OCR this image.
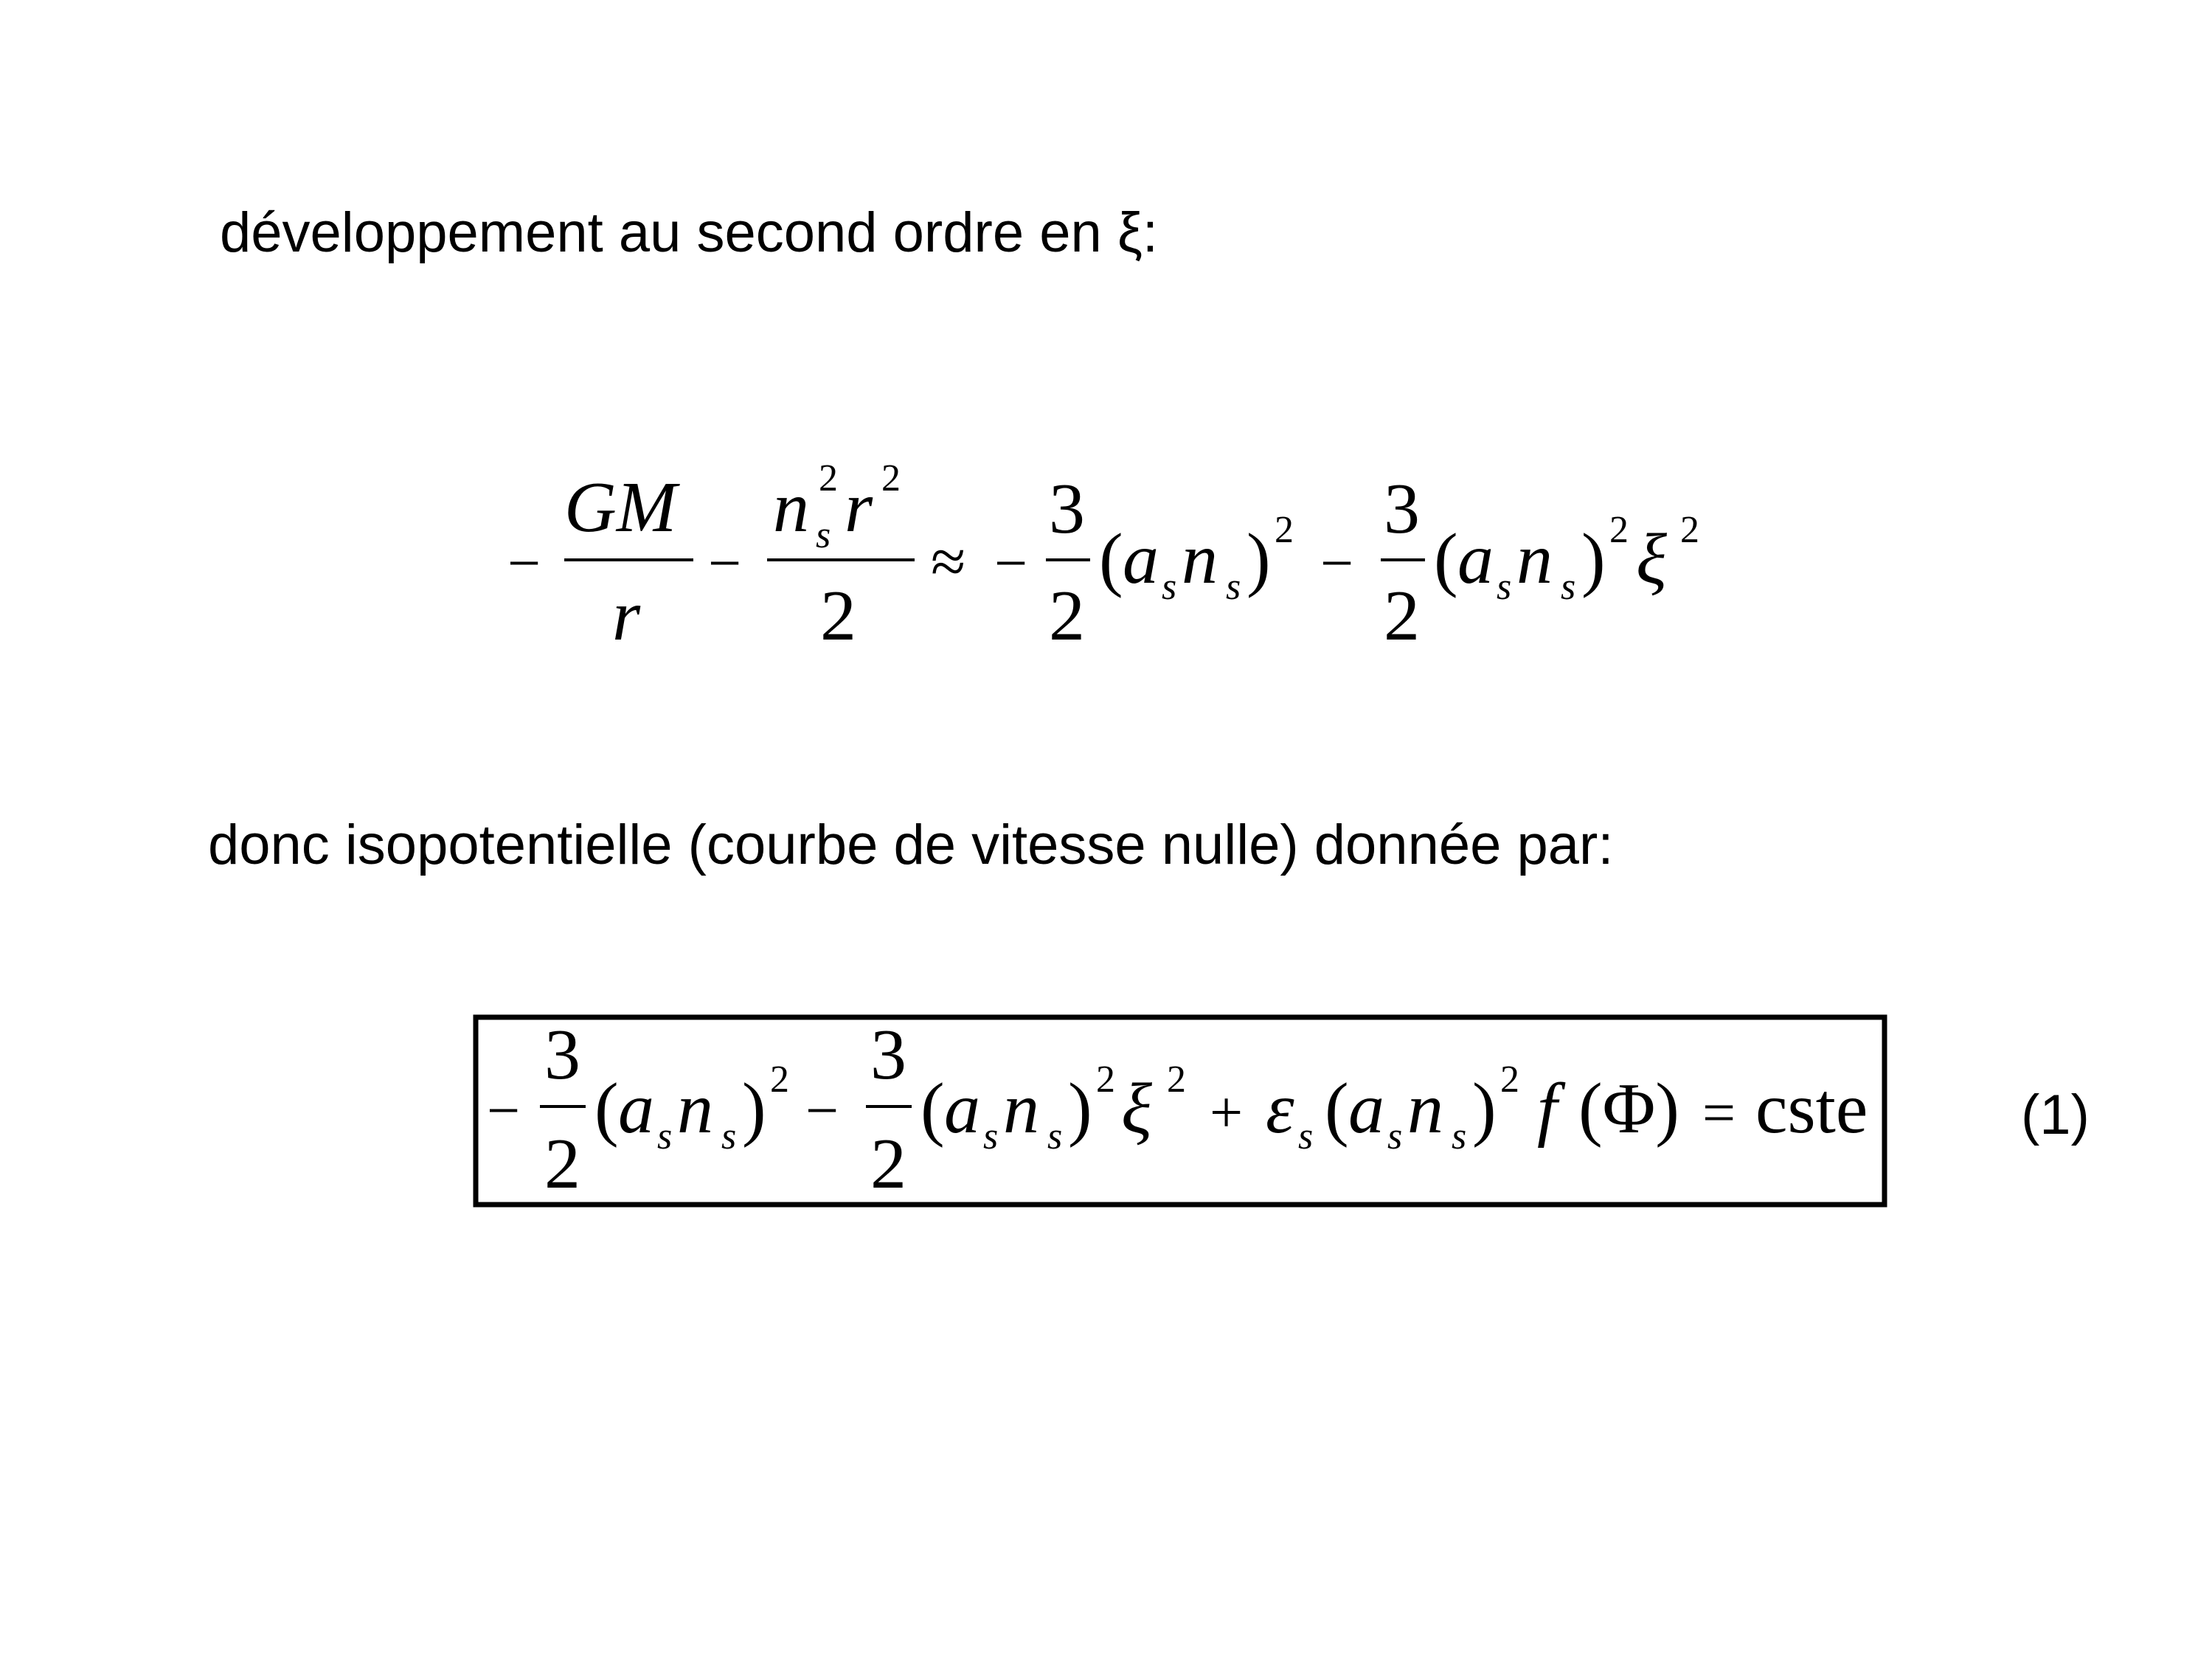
développement au second ordre en ξ:
−
GM
r
−
n 2
s r 2
2
≈ −
3
2
( a s n s ) 2
−
3
2
( a s n s ) 2 ξ 2
donc isopotentielle (courbe de vitesse nulle) donnée par:
−
3
2
( a s n s ) 2 −
3
2
( a s n s ) 2 ξ 2
+ ε s ( a s n s ) 2 f (Φ) = cste	(1)
